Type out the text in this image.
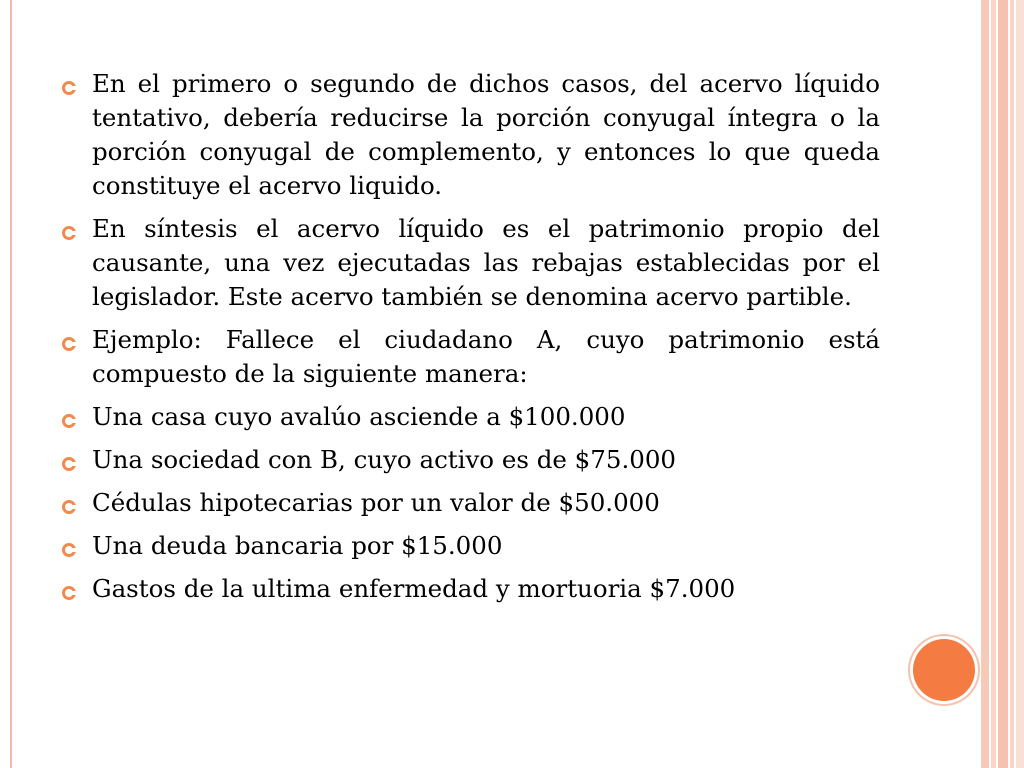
En el primero o segundo de dichos casos, del acervo líquido tentativo, debería reducirse la porción conyugal íntegra o la porción conyugal de complemento, y entonces lo que queda constituye el acervo liquido.
En síntesis el acervo líquido es el patrimonio propio del causante, una vez ejecutadas las rebajas establecidas por el legislador. Este acervo también se denomina acervo partible.
Ejemplo: Fallece el ciudadano A, cuyo patrimonio está compuesto de la siguiente manera:
Una casa cuyo avalúo asciende a $100.000
Una sociedad con B, cuyo activo es de $75.000
Cédulas hipotecarias por un valor de $50.000
Una deuda bancaria por $15.000
Gastos de la ultima enfermedad y mortuoria $7.000
